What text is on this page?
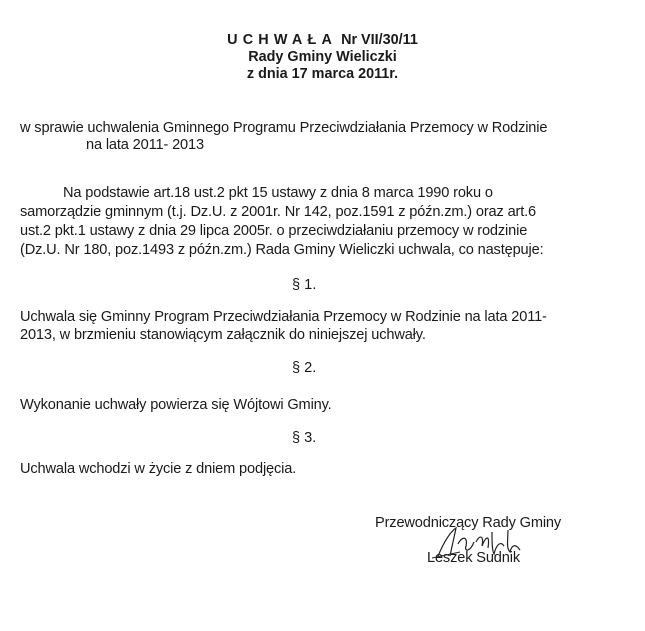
UCHWAŁA Nr VII/30/11
Rady Gminy Wieliczki
z dnia 17 marca 2011r.
w sprawie uchwalenia Gminnego Programu Przeciwdziałania Przemocy w Rodzinie
na lata 2011- 2013
Na podstawie art.18 ust.2 pkt 15 ustawy z dnia 8 marca 1990 roku o
samorządzie gminnym (t.j. Dz.U. z 2001r. Nr 142, poz.1591 z późn.zm.) oraz art.6
ust.2 pkt.1 ustawy z dnia 29 lipca 2005r. o przeciwdziałaniu przemocy w rodzinie
(Dz.U. Nr 180, poz.1493 z późn.zm.) Rada Gminy Wieliczki uchwala, co następuje:
§ 1.
Uchwala się Gminny Program Przeciwdziałania Przemocy w Rodzinie na lata 2011-
2013, w brzmieniu stanowiącym załącznik do niniejszej uchwały.
§ 2.
Wykonanie uchwały powierza się Wójtowi Gminy.
§ 3.
Uchwala wchodzi w życie z dniem podjęcia.
Przewodniczący Rady Gminy
Leszek Sudnik
